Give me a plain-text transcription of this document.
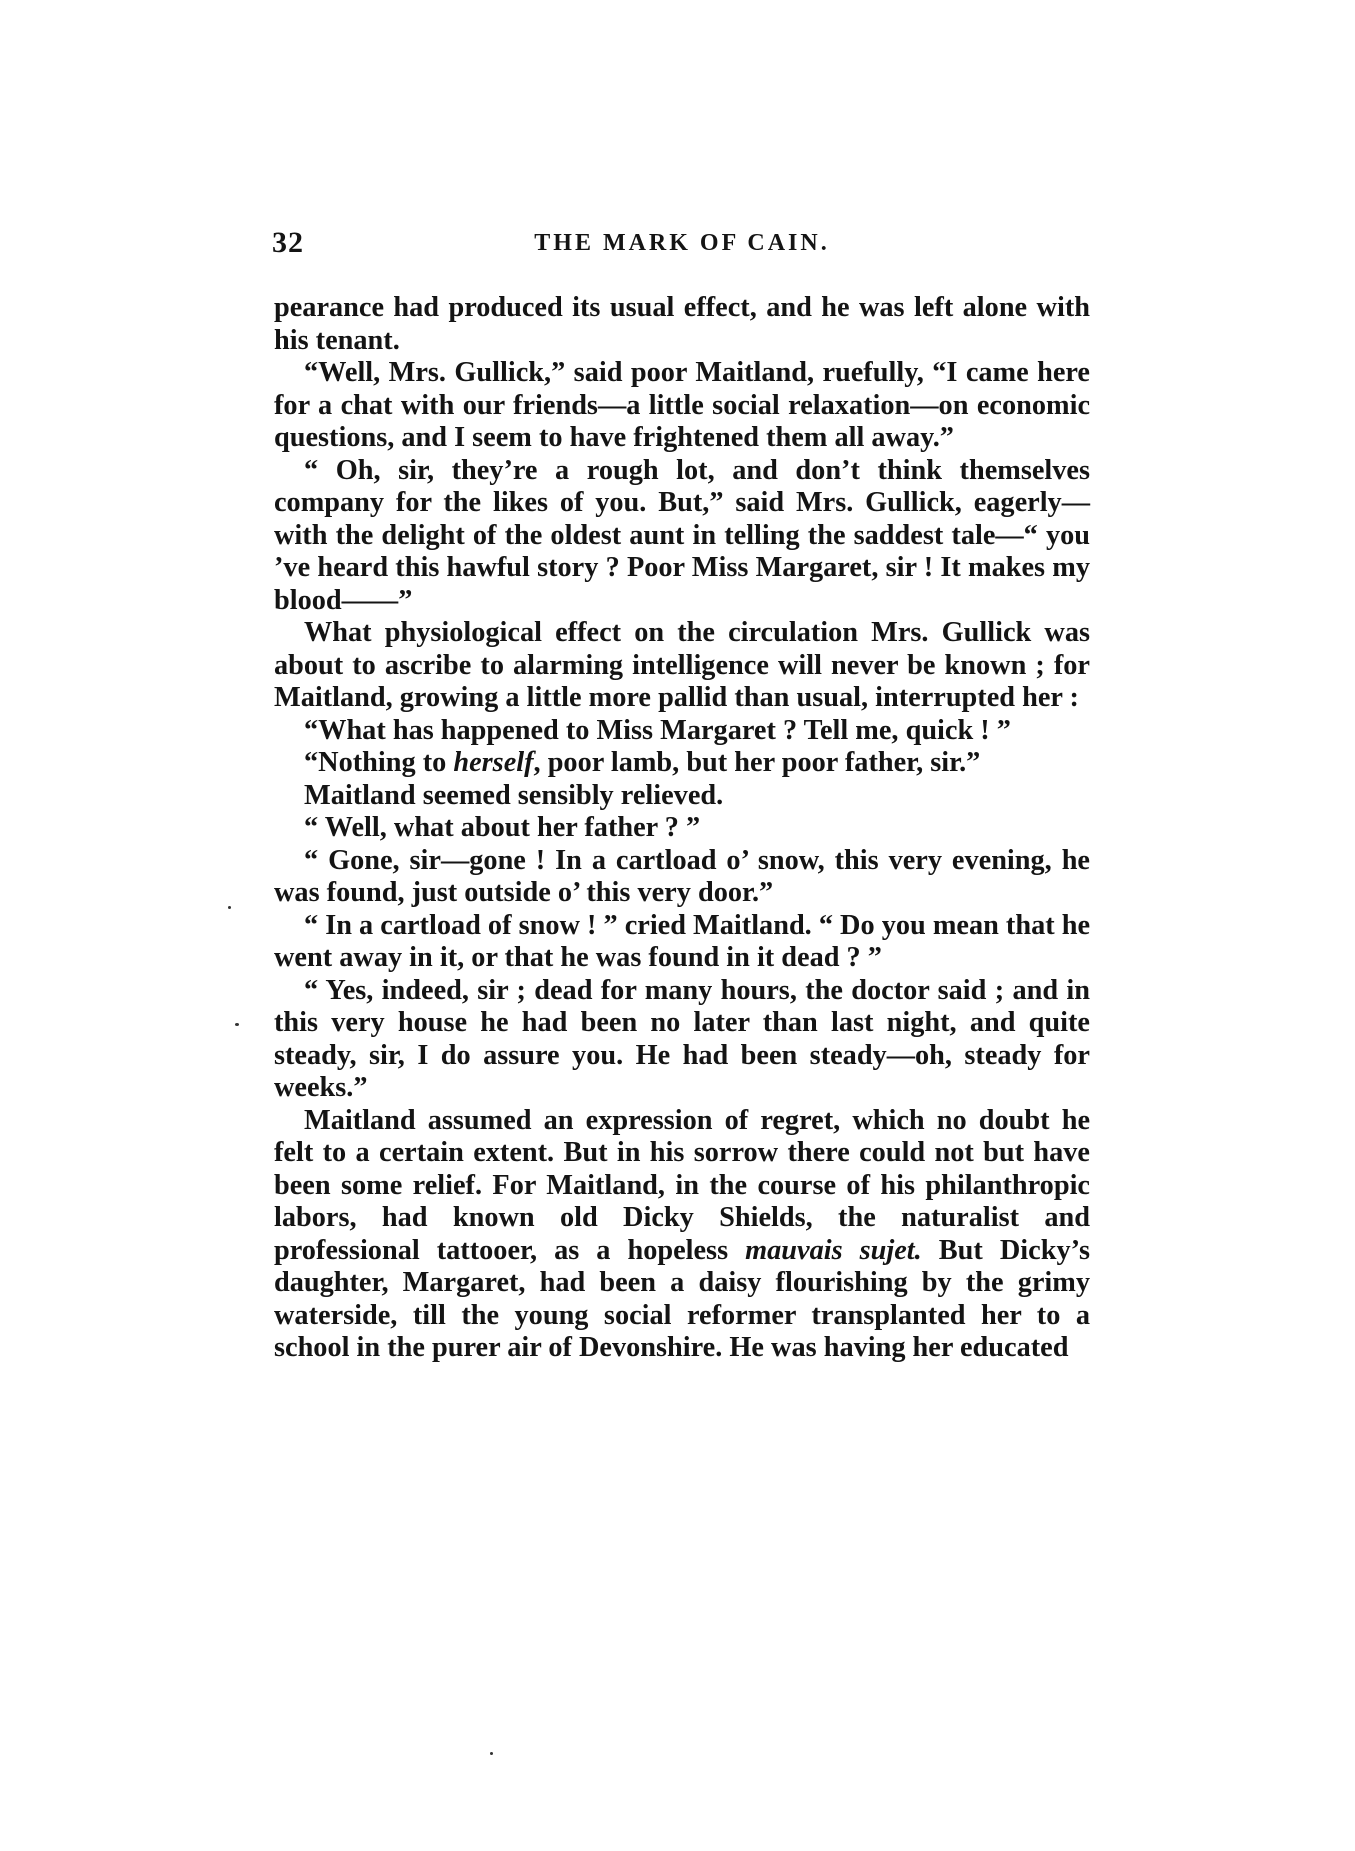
32	THE MARK OF CAIN.

pearance had produced its usual effect, and he was left alone with his tenant.

“Well, Mrs. Gullick,” said poor Maitland, ruefully, “I came here for a chat with our friends—a little social relaxation—on economic questions, and I seem to have frightened them all away.”

“ Oh, sir, they’re a rough lot, and don’t think themselves company for the likes of you. But,” said Mrs. Gullick, eagerly—with the delight of the oldest aunt in telling the saddest tale—“ you ’ve heard this hawful story ? Poor Miss Margaret, sir ! It makes my blood——”

What physiological effect on the circulation Mrs. Gullick was about to ascribe to alarming intelligence will never be known ; for Maitland, growing a little more pallid than usual, interrupted her :

“What has happened to Miss Margaret ? Tell me, quick ! ”

“Nothing to herself, poor lamb, but her poor father, sir.”

Maitland seemed sensibly relieved.

“ Well, what about her father ? ”

“ Gone, sir—gone ! In a cartload o’ snow, this very evening, he was found, just outside o’ this very door.”

“ In a cartload of snow ! ” cried Maitland. “ Do you mean that he went away in it, or that he was found in it dead ? ”

“ Yes, indeed, sir ; dead for many hours, the doctor said ; and in this very house he had been no later than last night, and quite steady, sir, I do assure you. He had been steady—oh, steady for weeks.”

Maitland assumed an expression of regret, which no doubt he felt to a certain extent. But in his sorrow there could not but have been some relief. For Maitland, in the course of his philanthropic labors, had known old Dicky Shields, the naturalist and professional tattooer, as a hopeless mauvais sujet. But Dicky’s daughter, Margaret, had been a daisy flourishing by the grimy waterside, till the young social reformer transplanted her to a school in the purer air of Devonshire. He was having her educated
